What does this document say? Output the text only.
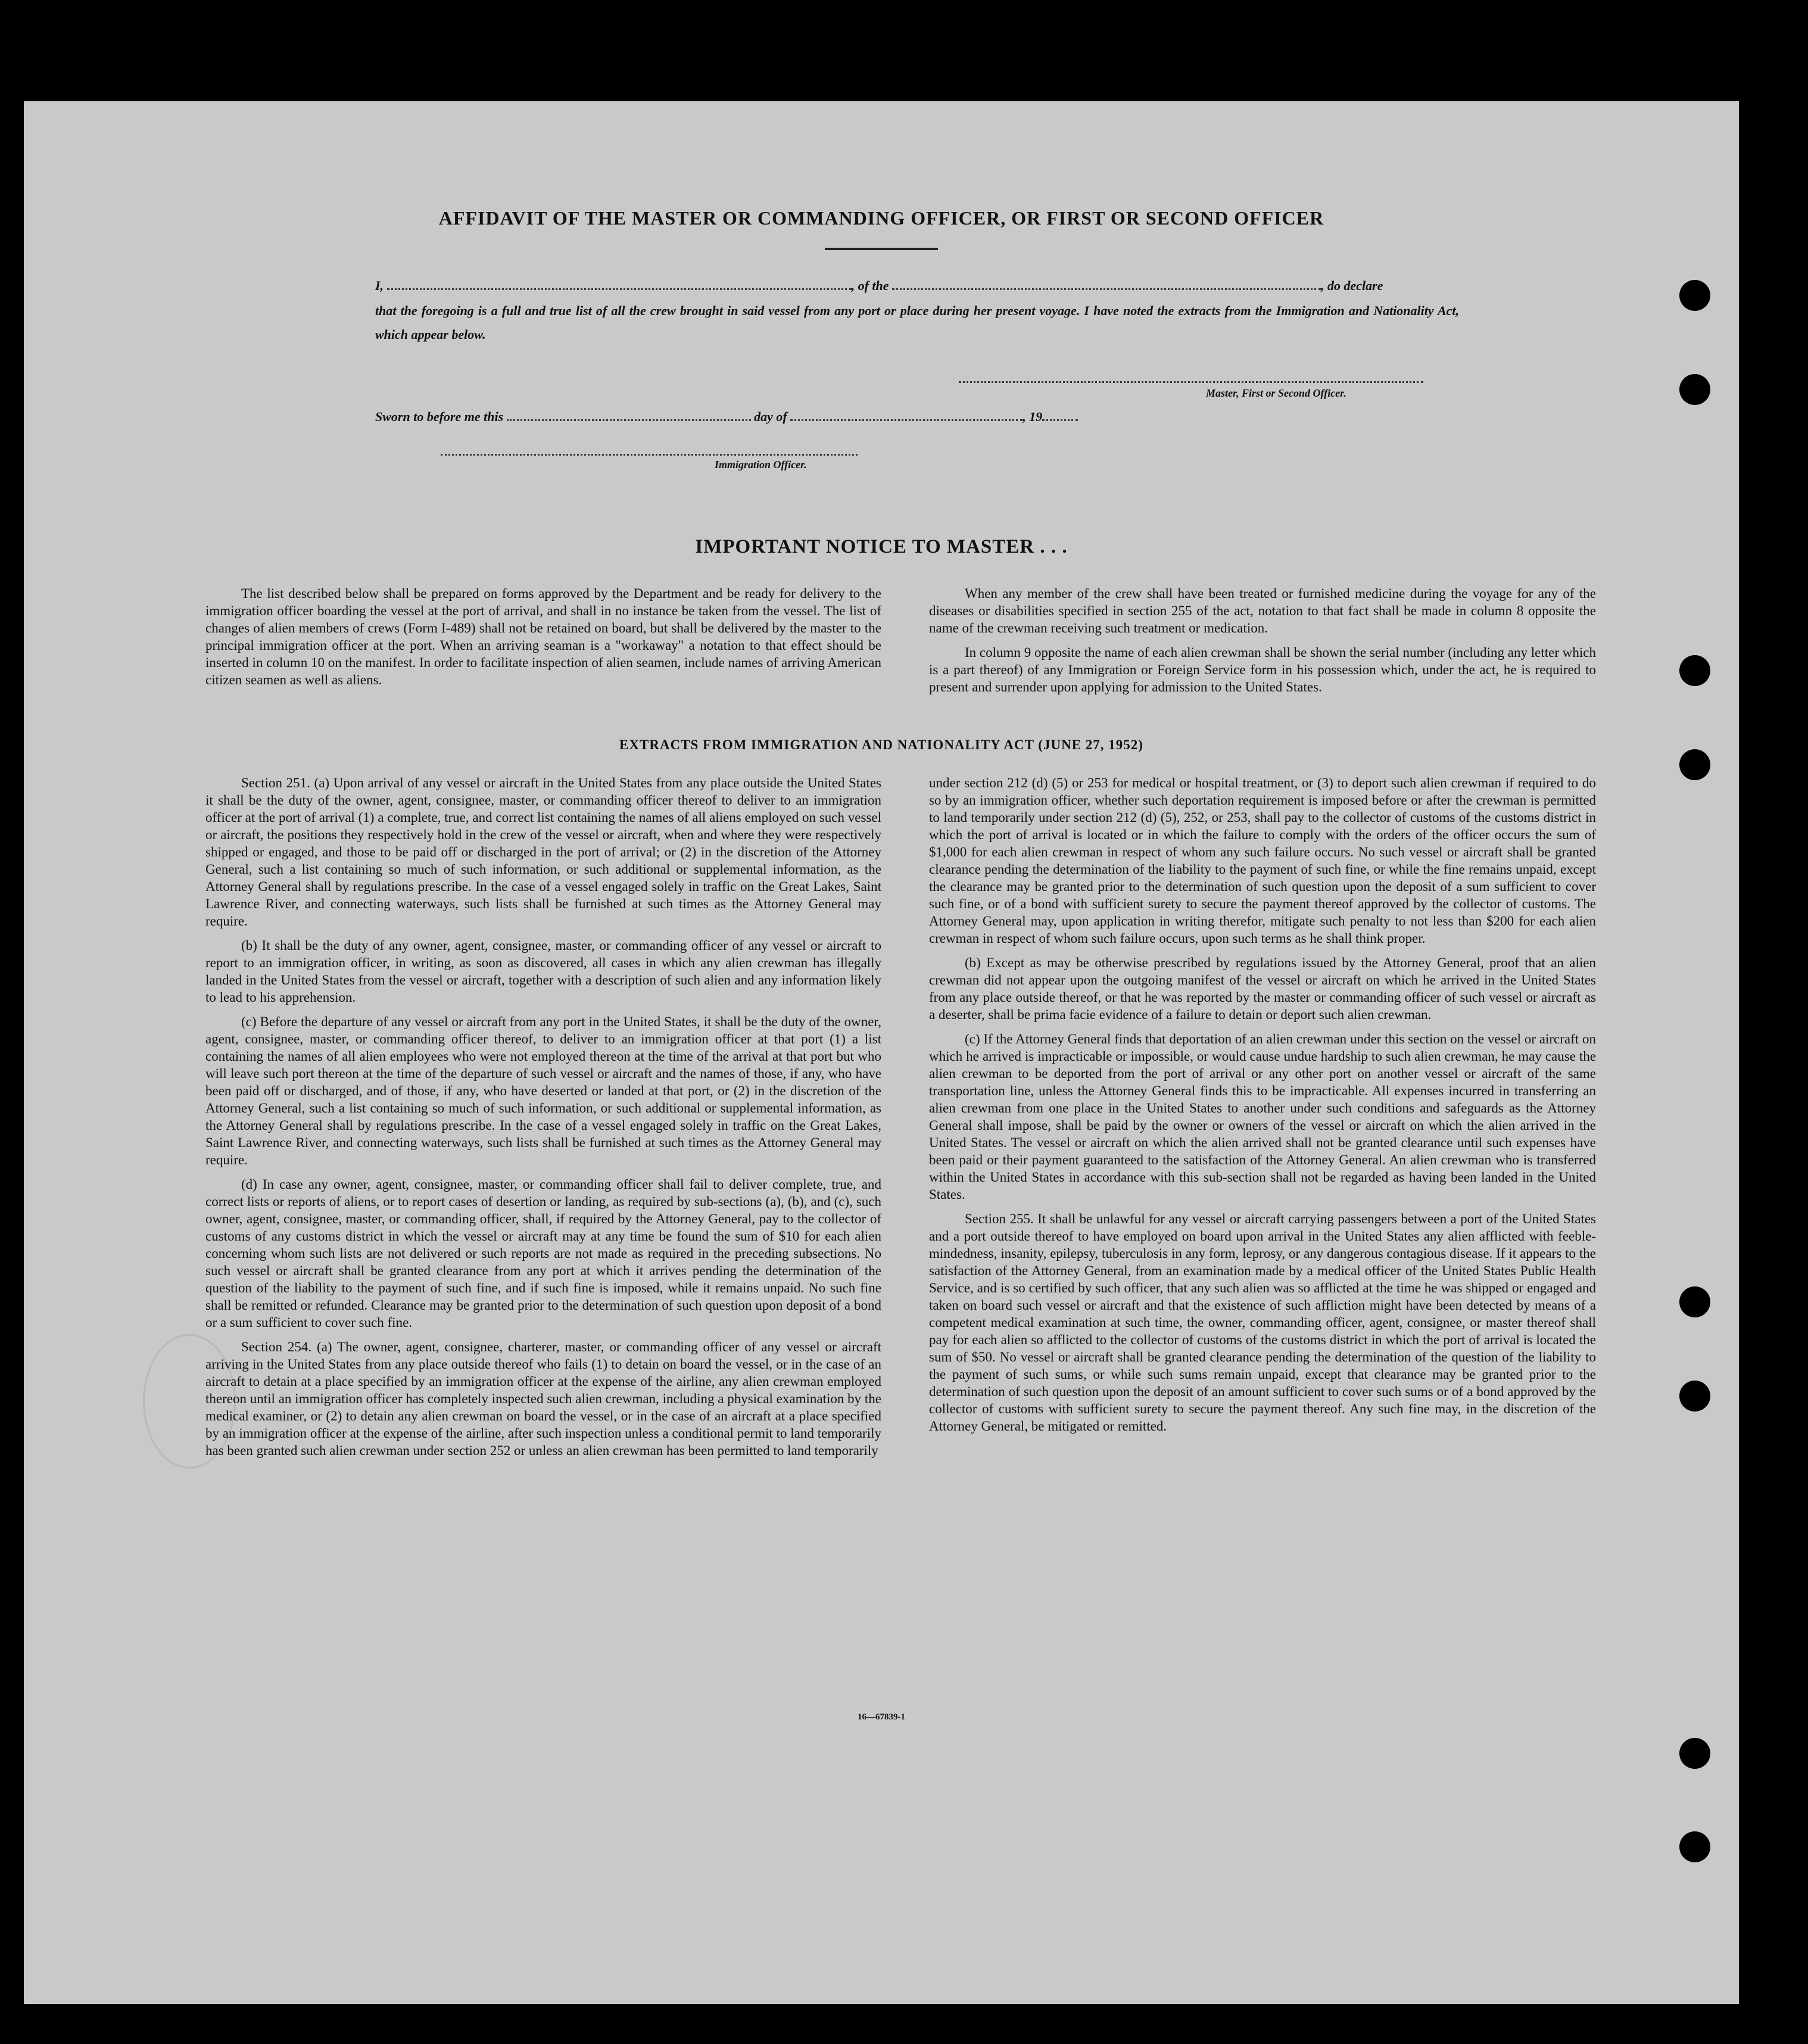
AFFIDAVIT OF THE MASTER OR COMMANDING OFFICER, OR FIRST OR SECOND OFFICER
I,	, of the	, do declare
that the foregoing is a full and true list of all the crew brought in said vessel from any port or place during her present voyage. I have noted the extracts from the Immigration and Nationality Act, which appear below.
Master, First or Second Officer.
Sworn to before me this	day of	, 19
Immigration Officer.
IMPORTANT NOTICE TO MASTER . . .

The list described below shall be prepared on forms approved by the Department and be ready for delivery to the immigration officer boarding the vessel at the port of arrival, and shall in no instance be taken from the vessel. The list of changes of alien members of crews (Form I-489) shall not be retained on board, but shall be delivered by the master to the principal immigration officer at the port. When an arriving seaman is a "workaway" a notation to that effect should be inserted in column 10 on the manifest. In order to facilitate inspection of alien seamen, include names of arriving American citizen seamen as well as aliens.

When any member of the crew shall have been treated or furnished medicine during the voyage for any of the diseases or disabilities specified in section 255 of the act, notation to that fact shall be made in column 8 opposite the name of the crewman receiving such treatment or medication.

In column 9 opposite the name of each alien crewman shall be shown the serial number (including any letter which is a part thereof) of any Immigration or Foreign Service form in his possession which, under the act, he is required to present and surrender upon applying for admission to the United States.

EXTRACTS FROM IMMIGRATION AND NATIONALITY ACT (JUNE 27, 1952)

Section 251. (a) Upon arrival of any vessel or aircraft in the United States from any place outside the United States it shall be the duty of the owner, agent, consignee, master, or commanding officer thereof to deliver to an immigration officer at the port of arrival (1) a complete, true, and correct list containing the names of all aliens employed on such vessel or aircraft, the positions they respectively hold in the crew of the vessel or aircraft, when and where they were respectively shipped or engaged, and those to be paid off or discharged in the port of arrival; or (2) in the discretion of the Attorney General, such a list containing so much of such information, or such additional or supplemental information, as the Attorney General shall by regulations prescribe. In the case of a vessel engaged solely in traffic on the Great Lakes, Saint Lawrence River, and connecting waterways, such lists shall be furnished at such times as the Attorney General may require.

(b) It shall be the duty of any owner, agent, consignee, master, or commanding officer of any vessel or aircraft to report to an immigration officer, in writing, as soon as discovered, all cases in which any alien crewman has illegally landed in the United States from the vessel or aircraft, together with a description of such alien and any information likely to lead to his apprehension.

(c) Before the departure of any vessel or aircraft from any port in the United States, it shall be the duty of the owner, agent, consignee, master, or commanding officer thereof, to deliver to an immigration officer at that port (1) a list containing the names of all alien employees who were not employed thereon at the time of the arrival at that port but who will leave such port thereon at the time of the departure of such vessel or aircraft and the names of those, if any, who have been paid off or discharged, and of those, if any, who have deserted or landed at that port, or (2) in the discretion of the Attorney General, such a list containing so much of such information, or such additional or supplemental information, as the Attorney General shall by regulations prescribe. In the case of a vessel engaged solely in traffic on the Great Lakes, Saint Lawrence River, and connecting waterways, such lists shall be furnished at such times as the Attorney General may require.

(d) In case any owner, agent, consignee, master, or commanding officer shall fail to deliver complete, true, and correct lists or reports of aliens, or to report cases of desertion or landing, as required by sub-sections (a), (b), and (c), such owner, agent, consignee, master, or commanding officer, shall, if required by the Attorney General, pay to the collector of customs of any customs district in which the vessel or aircraft may at any time be found the sum of $10 for each alien concerning whom such lists are not delivered or such reports are not made as required in the preceding subsections. No such vessel or aircraft shall be granted clearance from any port at which it arrives pending the determination of the question of the liability to the payment of such fine, and if such fine is imposed, while it remains unpaid. No such fine shall be remitted or refunded. Clearance may be granted prior to the determination of such question upon deposit of a bond or a sum sufficient to cover such fine.

Section 254. (a) The owner, agent, consignee, charterer, master, or commanding officer of any vessel or aircraft arriving in the United States from any place outside thereof who fails (1) to detain on board the vessel, or in the case of an aircraft to detain at a place specified by an immigration officer at the expense of the airline, any alien crewman employed thereon until an immigration officer has completely inspected such alien crewman, including a physical examination by the medical examiner, or (2) to detain any alien crewman on board the vessel, or in the case of an aircraft at a place specified by an immigration officer at the expense of the airline, after such inspection unless a conditional permit to land temporarily has been granted such alien crewman under section 252 or unless an alien crewman has been permitted to land temporarily

under section 212 (d) (5) or 253 for medical or hospital treatment, or (3) to deport such alien crewman if required to do so by an immigration officer, whether such deportation requirement is imposed before or after the crewman is permitted to land temporarily under section 212 (d) (5), 252, or 253, shall pay to the collector of customs of the customs district in which the port of arrival is located or in which the failure to comply with the orders of the officer occurs the sum of $1,000 for each alien crewman in respect of whom any such failure occurs. No such vessel or aircraft shall be granted clearance pending the determination of the liability to the payment of such fine, or while the fine remains unpaid, except the clearance may be granted prior to the determination of such question upon the deposit of a sum sufficient to cover such fine, or of a bond with sufficient surety to secure the payment thereof approved by the collector of customs. The Attorney General may, upon application in writing therefor, mitigate such penalty to not less than $200 for each alien crewman in respect of whom such failure occurs, upon such terms as he shall think proper.

(b) Except as may be otherwise prescribed by regulations issued by the Attorney General, proof that an alien crewman did not appear upon the outgoing manifest of the vessel or aircraft on which he arrived in the United States from any place outside thereof, or that he was reported by the master or commanding officer of such vessel or aircraft as a deserter, shall be prima facie evidence of a failure to detain or deport such alien crewman.

(c) If the Attorney General finds that deportation of an alien crewman under this section on the vessel or aircraft on which he arrived is impracticable or impossible, or would cause undue hardship to such alien crewman, he may cause the alien crewman to be deported from the port of arrival or any other port on another vessel or aircraft of the same transportation line, unless the Attorney General finds this to be impracticable. All expenses incurred in transferring an alien crewman from one place in the United States to another under such conditions and safeguards as the Attorney General shall impose, shall be paid by the owner or owners of the vessel or aircraft on which the alien arrived in the United States. The vessel or aircraft on which the alien arrived shall not be granted clearance until such expenses have been paid or their payment guaranteed to the satisfaction of the Attorney General. An alien crewman who is transferred within the United States in accordance with this sub-section shall not be regarded as having been landed in the United States.

Section 255. It shall be unlawful for any vessel or aircraft carrying passengers between a port of the United States and a port outside thereof to have employed on board upon arrival in the United States any alien afflicted with feeble-mindedness, insanity, epilepsy, tuberculosis in any form, leprosy, or any dangerous contagious disease. If it appears to the satisfaction of the Attorney General, from an examination made by a medical officer of the United States Public Health Service, and is so certified by such officer, that any such alien was so afflicted at the time he was shipped or engaged and taken on board such vessel or aircraft and that the existence of such affliction might have been detected by means of a competent medical examination at such time, the owner, commanding officer, agent, consignee, or master thereof shall pay for each alien so afflicted to the collector of customs of the customs district in which the port of arrival is located the sum of $50. No vessel or aircraft shall be granted clearance pending the determination of the question of the liability to the payment of such sums, or while such sums remain unpaid, except that clearance may be granted prior to the determination of such question upon the deposit of an amount sufficient to cover such sums or of a bond approved by the collector of customs with sufficient surety to secure the payment thereof. Any such fine may, in the discretion of the Attorney General, be mitigated or remitted.

16—67839-1
